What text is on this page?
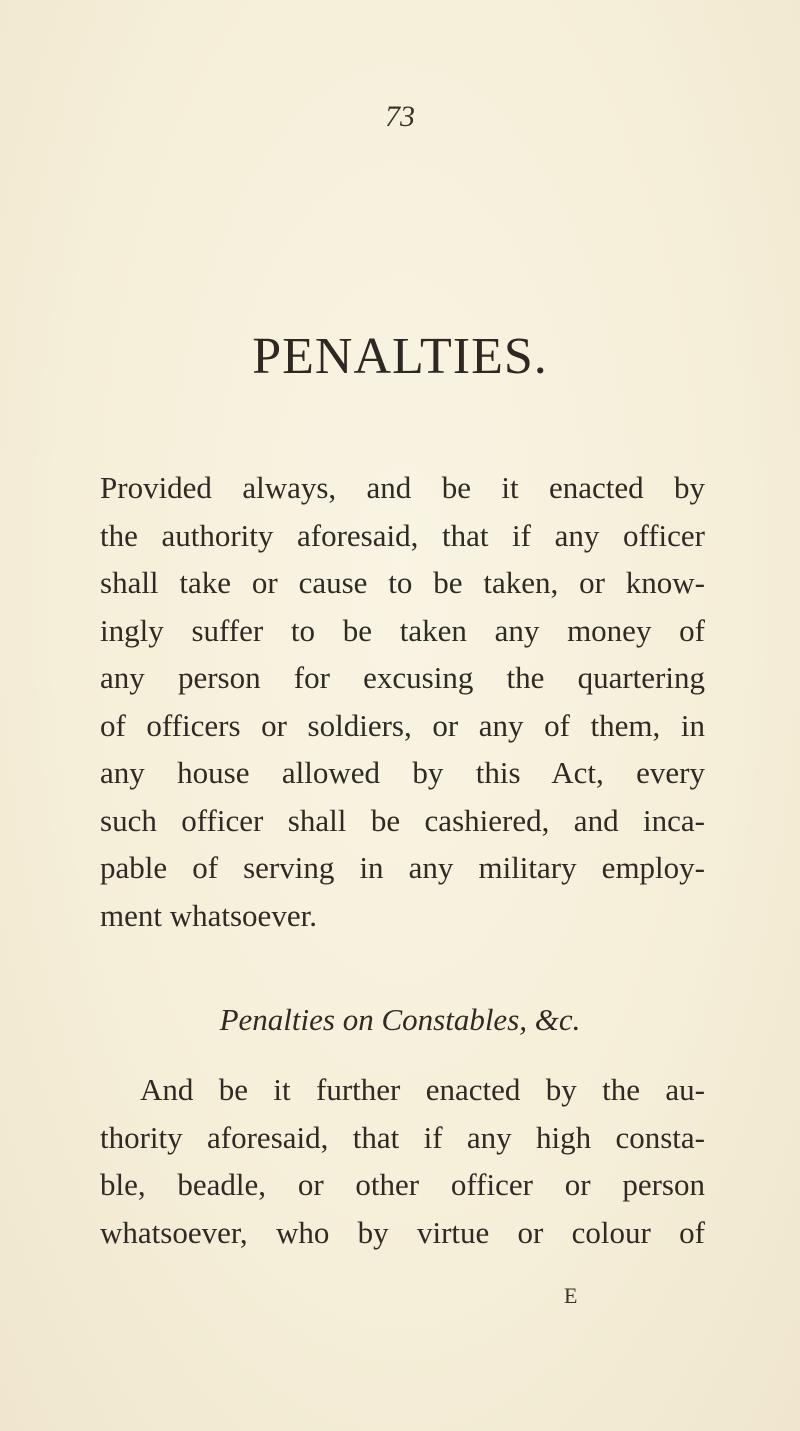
73
PENALTIES.

Provided always, and be it enacted by
the authority aforesaid, that if any officer
shall take or cause to be taken, or know-
ingly suffer to be taken any money of
any person for excusing the quartering
of officers or soldiers, or any of them, in
any house allowed by this Act, every
such officer shall be cashiered, and inca-
pable of serving in any military employ-
ment whatsoever.

Penalties on Constables, &c.

And be it further enacted by the au-
thority aforesaid, that if any high consta-
ble, beadle, or other officer or person
whatsoever, who by virtue or colour of

E
